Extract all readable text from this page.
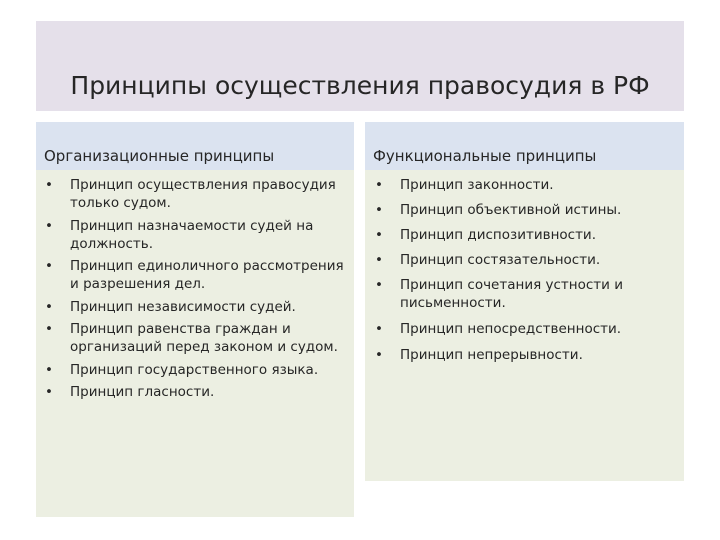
Принципы осуществления правосудия в РФ
Организационные принципы
• Принцип осуществления правосудия только судом.
• Принцип назначаемости судей на должность.
• Принцип единоличного рассмотрения и разрешения дел.
• Принцип независимости судей.
• Принцип равенства граждан и организаций перед законом и судом.
• Принцип государственного языка.
• Принцип гласности.
Функциональные принципы
• Принцип законности.
• Принцип объективной истины.
• Принцип диспозитивности.
• Принцип состязательности.
• Принцип сочетания устности и письменности.
• Принцип непосредственности.
• Принцип непрерывности.
